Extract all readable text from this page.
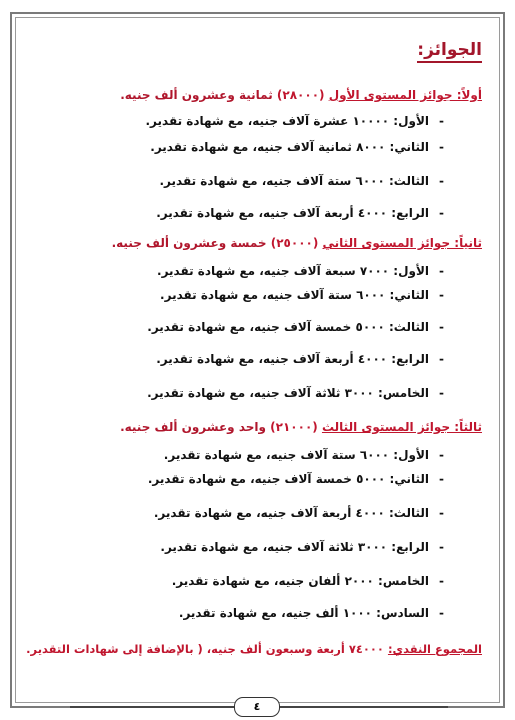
الجوائز:
أولاً: جوائز المستوى الأول (٢٨٠٠٠) ثمانية وعشرون ألف جنيه.
-الأول: ١٠٠٠٠ عشرة آلاف جنيه، مع شهادة تقدير.
-الثاني: ٨٠٠٠ ثمانية آلاف جنيه، مع شهادة تقدير.
-الثالث: ٦٠٠٠ ستة آلاف جنيه، مع شهادة تقدير.
-الرابع: ٤٠٠٠ أربعة آلاف جنيه، مع شهادة تقدير.
ثانياً: جوائز المستوى الثاني (٢٥٠٠٠) خمسة وعشرون ألف جنيه.
-الأول: ٧٠٠٠ سبعة آلاف جنيه، مع شهادة تقدير.
-الثاني: ٦٠٠٠ ستة آلاف جنيه، مع شهادة تقدير.
-الثالث: ٥٠٠٠ خمسة آلاف جنيه، مع شهادة تقدير.
-الرابع: ٤٠٠٠ أربعة آلاف جنيه، مع شهادة تقدير.
-الخامس: ٣٠٠٠ ثلاثة آلاف جنيه، مع شهادة تقدير.
ثالثاً: جوائز المستوى الثالث (٢١٠٠٠) واحد وعشرون ألف جنيه.
-الأول: ٦٠٠٠ ستة آلاف جنيه، مع شهادة تقدير.
-الثاني: ٥٠٠٠ خمسة آلاف جنيه، مع شهادة تقدير.
-الثالث: ٤٠٠٠ أربعة آلاف جنيه، مع شهادة تقدير.
-الرابع: ٣٠٠٠ ثلاثة آلاف جنيه، مع شهادة تقدير.
-الخامس: ٢٠٠٠ ألفان جنيه، مع شهادة تقدير.
-السادس: ١٠٠٠ ألف جنيه، مع شهادة تقدير.
المجموع النقدي: ٧٤٠٠٠ أربعة وسبعون ألف جنيه، ( بالإضافة إلى شهادات التقدير.
٤
